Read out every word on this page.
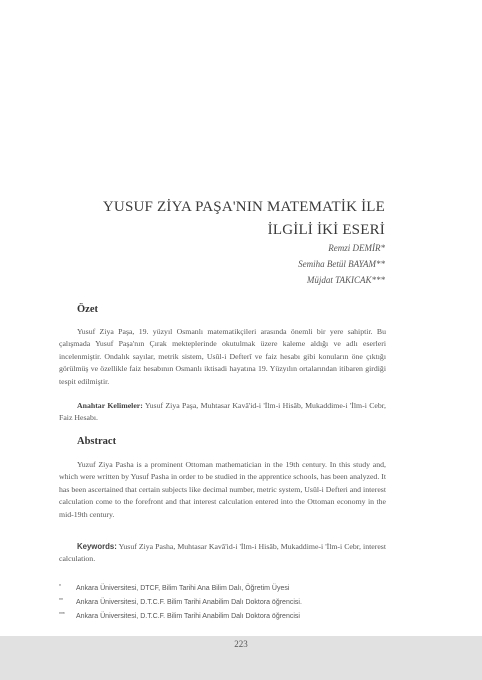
YUSUF ZİYA PAŞA'NIN MATEMATİK İLE
İLGİLİ İKİ ESERİ
Remzi DEMİR*
Semiha Betül BAYAM**
Müjdat TAKICAK***
Özet

Yusuf Ziya Paşa, 19. yüzyıl Osmanlı matematikçileri arasında önemli bir yere sahiptir. Bu çalışmada Yusuf Paşa'nın Çırak mekteplerinde okutulmak üzere kaleme aldığı ve adlı eserleri incelenmiştir. Ondalık sayılar, metrik sistem, Usûl-i Defterî ve faiz hesabı gibi konuların öne çıktığı görülmüş ve özellikle faiz hesabının Osmanlı iktisadi hayatına 19. Yüzyılın ortalarından itibaren girdiği tespit edilmiştir.

Anahtar Kelimeler: Yusuf Ziya Paşa, Muhtasar Kavâ'id-i 'İlm-i Hisâb, Mukaddime-i 'İlm-i Cebr, Faiz Hesabı.

Abstract

Yuzuf Ziya Pasha is a prominent Ottoman mathematician in the 19th century. In this study and, which were written by Yusuf Pasha in order to be studied in the apprentice schools, has been analyzed. It has been ascertained that certain subjects like decimal number, metric system, Usûl-i Defteri and interest calculation come to the forefront and that interest calculation entered into the Ottoman economy in the mid-19th century.

Keywords: Yusuf Ziya Pasha, Muhtasar Kavâ'id-i 'İlm-i Hisâb, Mukaddime-i 'İlm-i Cebr, interest calculation.

* Ankara Üniversitesi, DTCF, Bilim Tarihi Ana Bilim Dalı, Öğretim Üyesi
** Ankara Üniversitesi, D.T.C.F. Bilim Tarihi Anabilim Dalı Doktora öğrencisi.
*** Ankara Üniversitesi, D.T.C.F. Bilim Tarihi Anabilim Dalı Doktora öğrencisi
223
